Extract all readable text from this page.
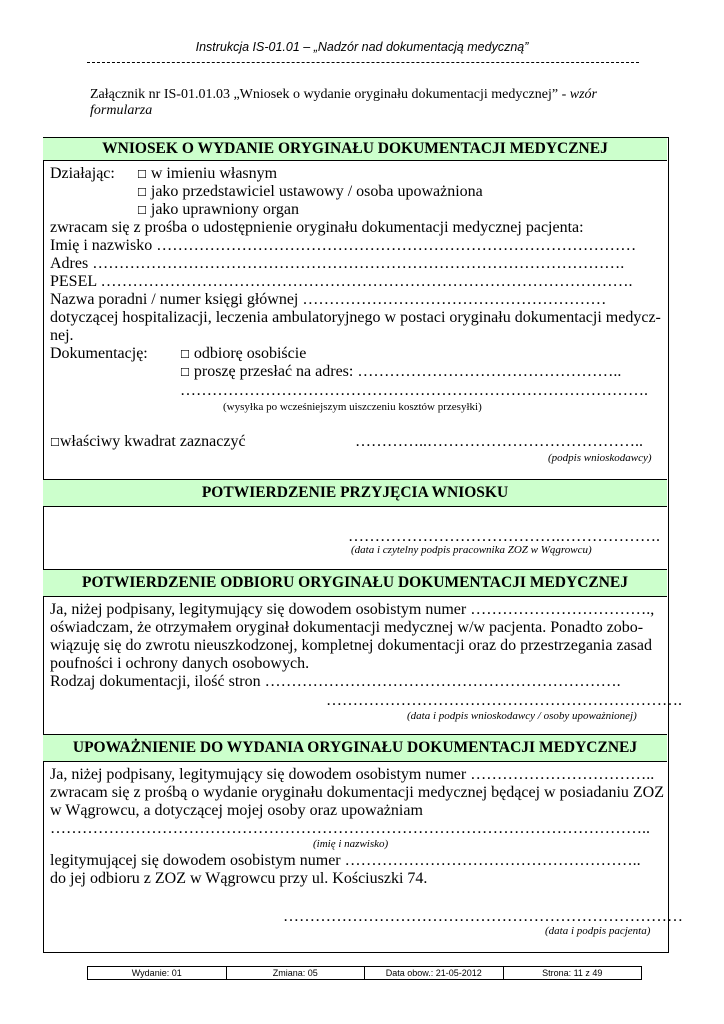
Instrukcja IS-01.01 – „Nadzór nad dokumentacją medyczną”
Załącznik nr IS-01.01.03 „Wniosek o wydanie oryginału dokumentacji medycznej” - wzór formularza
WNIOSEK O WYDANIE ORYGINAŁU DOKUMENTACJI MEDYCZNEJ
Działając: ☐ w imieniu własnym
☐ jako przedstawiciel ustawowy / osoba upoważniona
☐ jako uprawniony organ
zwracam się z prośba o udostępnienie oryginału dokumentacji medycznej pacjenta:
Imię i nazwisko ………………………………………………………………………………
Adres ……………………………………………………………………………………….
PESEL ……………………………………………………………………………………….
Nazwa poradni / numer księgi głównej …………………………………………………
dotyczącej hospitalizacji, leczenia ambulatoryjnego w postaci oryginału dokumentacji medycz-
nej.
Dokumentację:	☐ odbiorę osobiście
☐ proszę przesłać na adres: …………………………………………..
…………………………………………………………………………….
(wysyłka po wcześniejszym uiszczeniu kosztów przesyłki)
☐właściwy kwadrat zaznaczyć	…………..…………………………………..
(podpis wnioskodawcy)
POTWIERDZENIE PRZYJĘCIA WNIOSKU
………………………………….……………….
(data i czytelny podpis pracownika ZOZ w Wągrowcu)
POTWIERDZENIE ODBIORU ORYGINAŁU DOKUMENTACJI MEDYCZNEJ
Ja, niżej podpisany, legitymujący się dowodem osobistym numer …………………………….,
oświadczam, że otrzymałem oryginał dokumentacji medycznej w/w pacjenta. Ponadto zobo-
wiązuję się do zwrotu nieuszkodzonej, kompletnej dokumentacji oraz do przestrzegania zasad
poufności i ochrony danych osobowych.
Rodzaj dokumentacji, ilość stron ………………………………………………………….
………………………………………………………….
(data i podpis wnioskodawcy / osoby upoważnionej)
UPOWAŻNIENIE DO WYDANIA ORYGINAŁU DOKUMENTACJI MEDYCZNEJ
Ja, niżej podpisany, legitymujący się dowodem osobistym numer ……………………………..
zwracam się z prośbą o wydanie oryginału dokumentacji medycznej będącej w posiadaniu ZOZ
w Wągrowcu, a dotyczącej mojej osoby oraz upoważniam
…………………………………………………………………………………………………..
(imię i nazwisko)
legitymującej się dowodem osobistym numer ………………………………………………..
do jej odbioru z ZOZ w Wągrowcu przy ul. Kościuszki 74.
…………………………………………………………………
(data i podpis pacjenta)
Wydanie: 01	Zmiana: 05	Data obow.: 21-05-2012	Strona: 11 z 49
